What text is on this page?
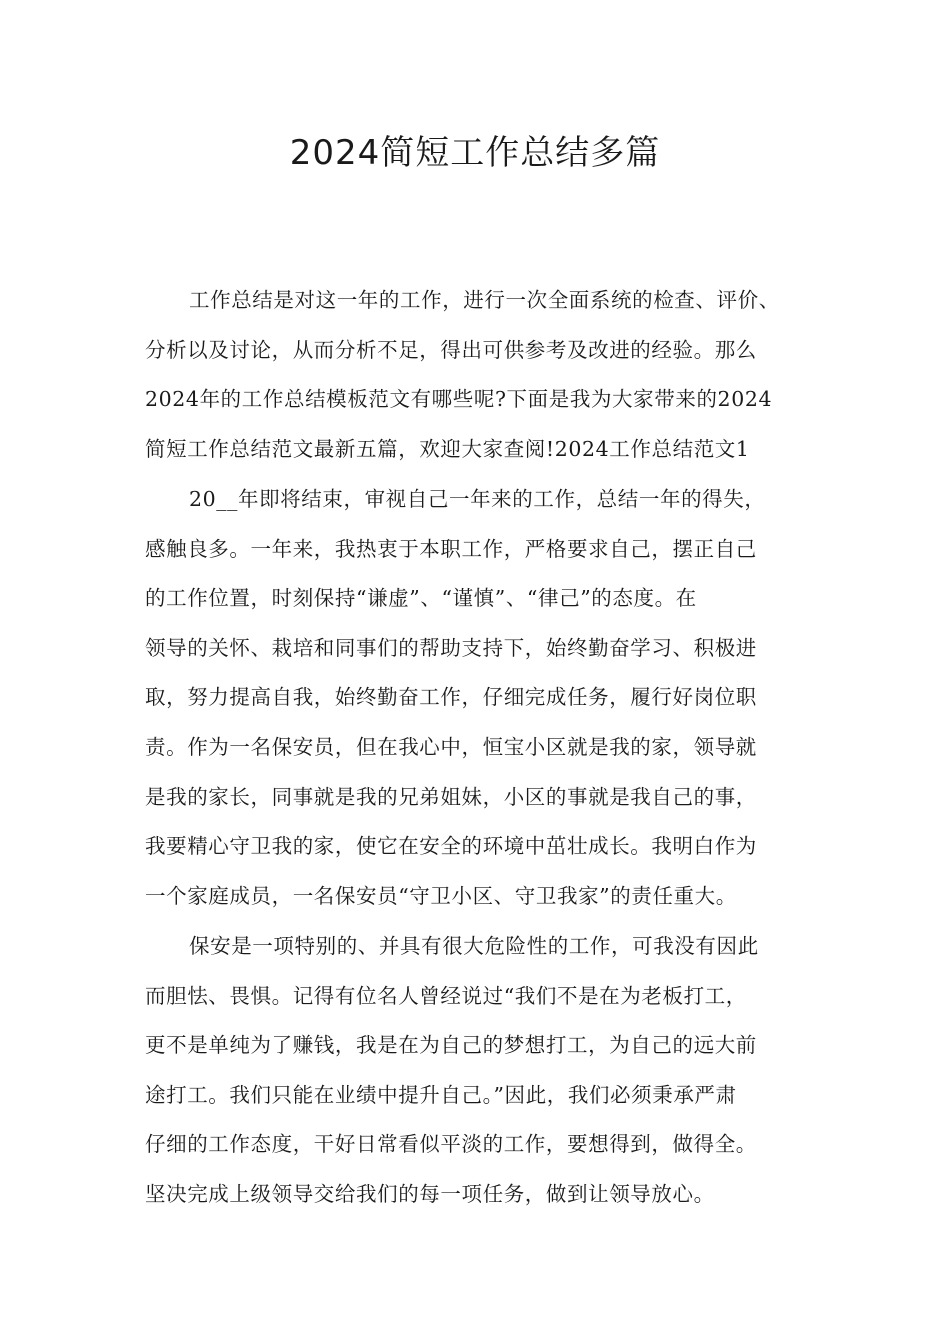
2024简短工作总结多篇
工作总结是对这一年的工作，进行一次全面系统的检查、评价、
分析以及讨论，从而分析不足，得出可供参考及改进的经验。那么
2024年的工作总结模板范文有哪些呢?下面是我为大家带来的2024
简短工作总结范文最新五篇，欢迎大家查阅!2024工作总结范文1
20__年即将结束，审视自己一年来的工作，总结一年的得失，
感触良多。一年来，我热衷于本职工作，严格要求自己，摆正自己
的工作位置，时刻保持“谦虚”、“谨慎”、“律己”的态度。在
领导的关怀、栽培和同事们的帮助支持下，始终勤奋学习、积极进
取，努力提高自我，始终勤奋工作，仔细完成任务，履行好岗位职
责。作为一名保安员，但在我心中，恒宝小区就是我的家，领导就
是我的家长，同事就是我的兄弟姐妹，小区的事就是我自己的事，
我要精心守卫我的家，使它在安全的环境中茁壮成长。我明白作为
一个家庭成员，一名保安员“守卫小区、守卫我家”的责任重大。
保安是一项特别的、并具有很大危险性的工作，可我没有因此
而胆怯、畏惧。记得有位名人曾经说过“我们不是在为老板打工，
更不是单纯为了赚钱，我是在为自己的梦想打工，为自己的远大前
途打工。我们只能在业绩中提升自己。”因此，我们必须秉承严肃
仔细的工作态度，干好日常看似平淡的工作，要想得到，做得全。
坚决完成上级领导交给我们的每一项任务，做到让领导放心。
